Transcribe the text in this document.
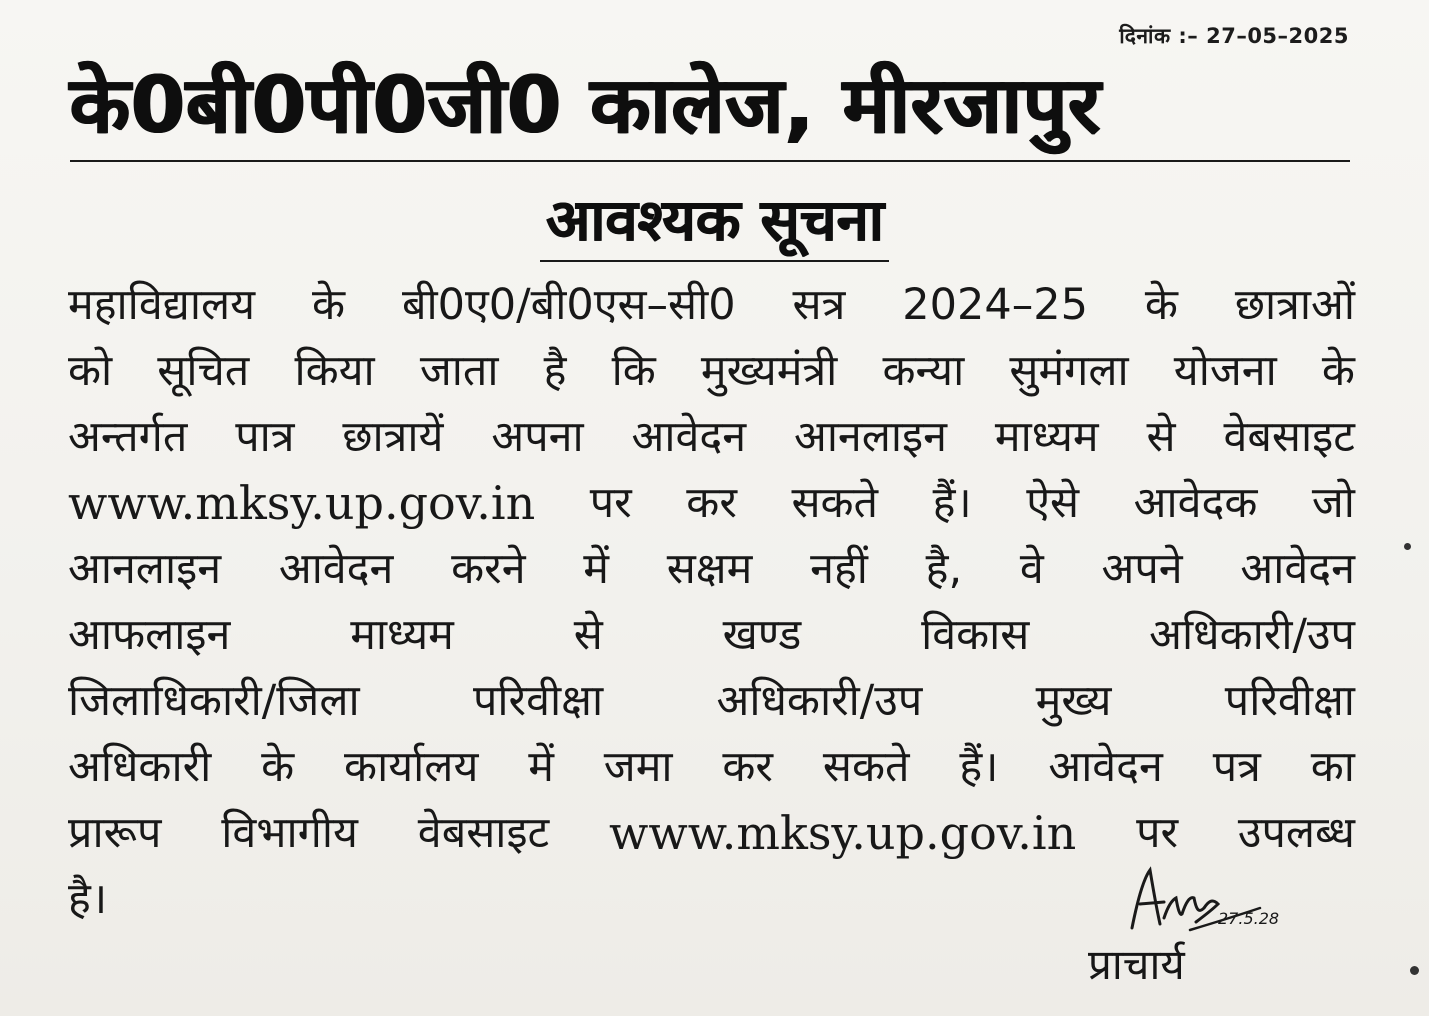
दिनांक :– 27–05–2025
के0बी0पी0जी0 कालेज, मीरजापुर
आवश्यक सूचना
महाविद्यालय के बी0ए0/बी0एस–सी0 सत्र 2024–25 के छात्राओं
को सूचित किया जाता है कि मुख्यमंत्री कन्या सुमंगला योजना के
अन्तर्गत पात्र छात्रायें अपना आवेदन आनलाइन माध्यम से वेबसाइट
www.mksy.up.gov.in पर कर सकते हैं। ऐसे आवेदक जो
आनलाइन आवेदन करने में सक्षम नहीं है, वे अपने आवेदन
आफलाइन	माध्यम	से	खण्ड	विकास	अधिकारी/उप
जिलाधिकारी/जिला	परिवीक्षा	अधिकारी/उप	मुख्य	परिवीक्षा
अधिकारी के कार्यालय में जमा कर सकते हैं। आवेदन पत्र का
प्रारूप विभागीय वेबसाइट www.mksy.up.gov.in पर उपलब्ध
है।	27.5.28
प्राचार्य
